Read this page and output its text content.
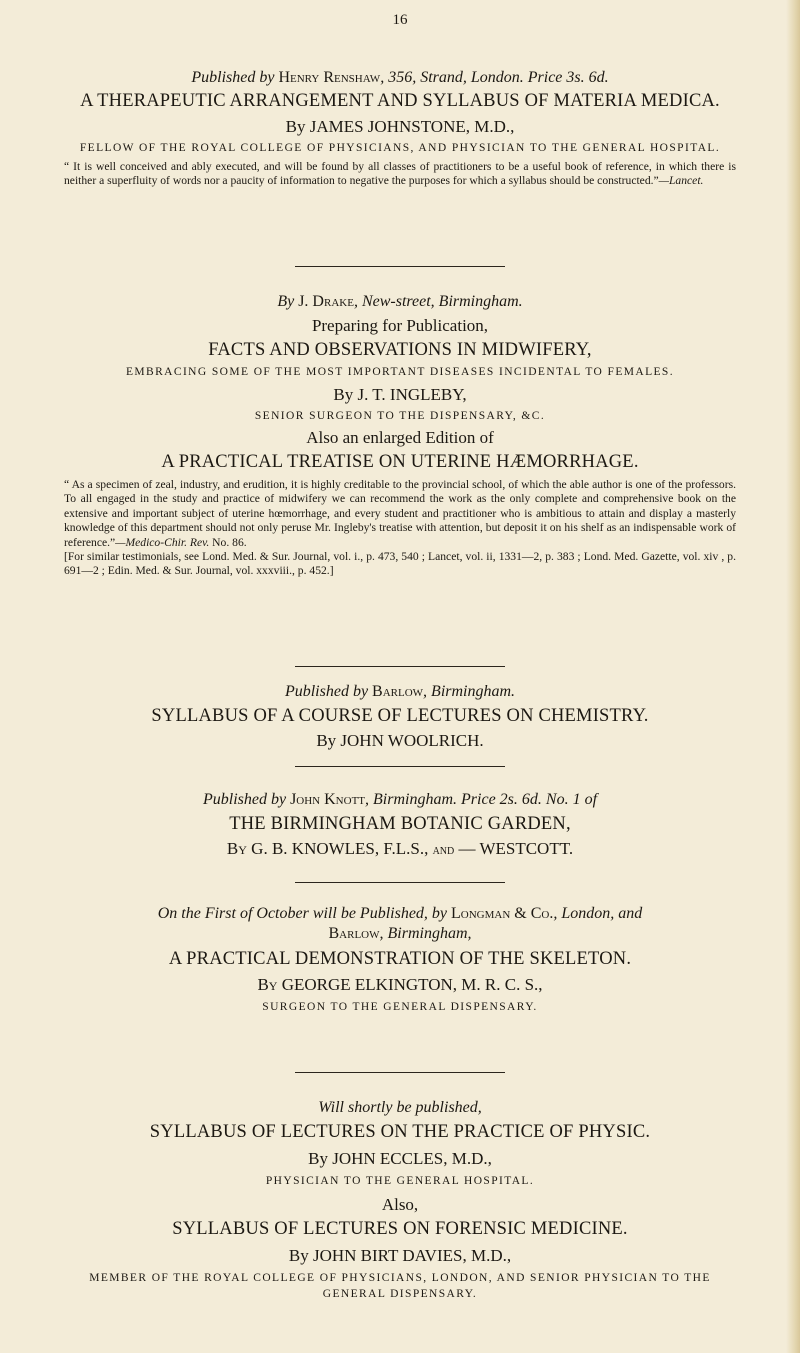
16
Published by Henry Renshaw, 356, Strand, London. Price 3s. 6d.
A THERAPEUTIC ARRANGEMENT AND SYLLABUS OF MATERIA MEDICA.
By JAMES JOHNSTONE, M.D.,
FELLOW OF THE ROYAL COLLEGE OF PHYSICIANS, AND PHYSICIAN TO THE GENERAL HOSPITAL.
“ It is well conceived and ably executed, and will be found by all classes of practitioners to be a useful book of reference, in which there is neither a superfluity of words nor a paucity of information to negative the purposes for which a syllabus should be constructed.”—Lancet.
By J. Drake, New-street, Birmingham.
Preparing for Publication,
FACTS AND OBSERVATIONS IN MIDWIFERY,
EMBRACING SOME OF THE MOST IMPORTANT DISEASES INCIDENTAL TO FEMALES.
By J. T. INGLEBY,
SENIOR SURGEON TO THE DISPENSARY, &C.
Also an enlarged Edition of
A PRACTICAL TREATISE ON UTERINE HÆMORRHAGE.
“ As a specimen of zeal, industry, and erudition, it is highly creditable to the provincial school, of which the able author is one of the professors. To all engaged in the study and practice of midwifery we can recommend the work as the only complete and comprehensive book on the extensive and important subject of uterine hœmorrhage, and every student and practitioner who is ambitious to attain and display a masterly knowledge of this department should not only peruse Mr. Ingleby's treatise with attention, but deposit it on his shelf as an indispensable work of reference.”—Medico-Chir. Rev. No. 86.
[For similar testimonials, see Lond. Med. & Sur. Journal, vol. i., p. 473, 540 ; Lancet, vol. ii, 1331—2, p. 383 ; Lond. Med. Gazette, vol. xiv , p. 691—2 ; Edin. Med. & Sur. Journal, vol. xxxviii., p. 452.]
Published by Barlow, Birmingham.
SYLLABUS OF A COURSE OF LECTURES ON CHEMISTRY.
By JOHN WOOLRICH.
Published by John Knott, Birmingham. Price 2s. 6d. No. 1 of
THE BIRMINGHAM BOTANIC GARDEN,
By G. B. KNOWLES, F.L.S., and — WESTCOTT.
On the First of October will be Published, by Longman & Co., London, and
Barlow, Birmingham,
A PRACTICAL DEMONSTRATION OF THE SKELETON.
By GEORGE ELKINGTON, M. R. C. S.,
SURGEON TO THE GENERAL DISPENSARY.
Will shortly be published,
SYLLABUS OF LECTURES ON THE PRACTICE OF PHYSIC.
By JOHN ECCLES, M.D.,
PHYSICIAN TO THE GENERAL HOSPITAL.
Also,
SYLLABUS OF LECTURES ON FORENSIC MEDICINE.
By JOHN BIRT DAVIES, M.D.,
MEMBER OF THE ROYAL COLLEGE OF PHYSICIANS, LONDON, AND SENIOR PHYSICIAN TO THE GENERAL DISPENSARY.
